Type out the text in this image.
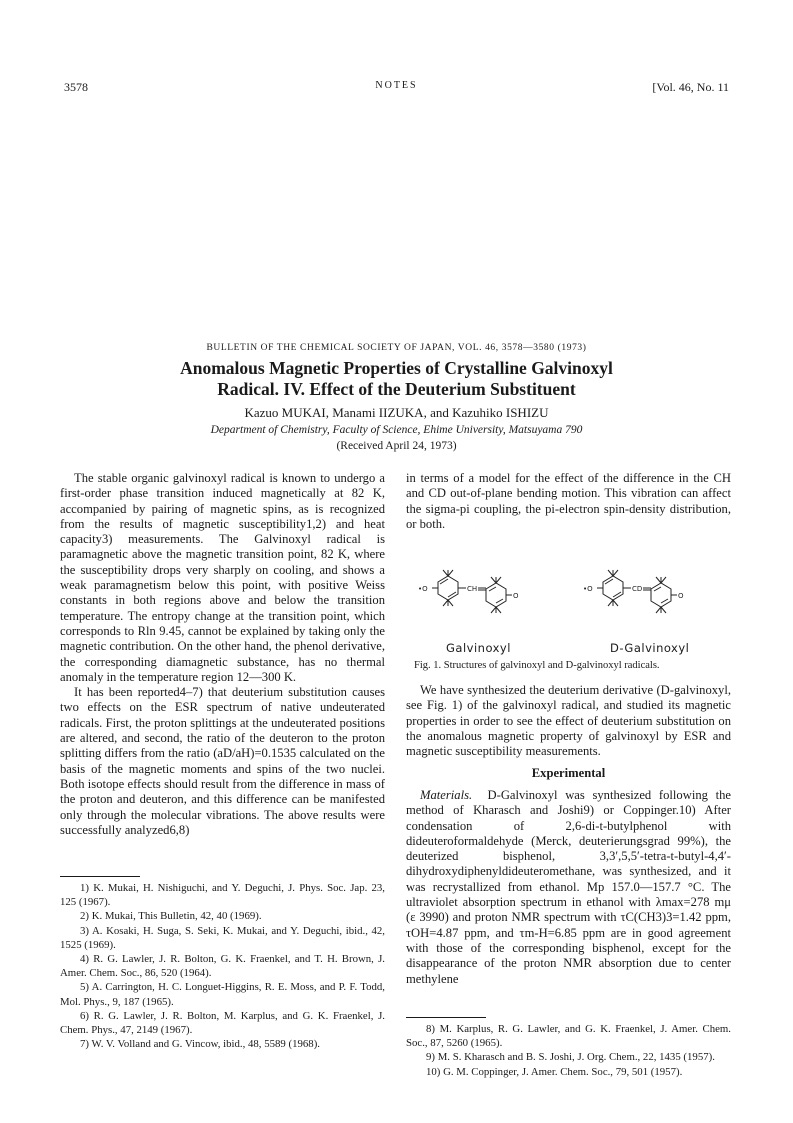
3578	NOTES	[Vol. 46, No. 11
BULLETIN OF THE CHEMICAL SOCIETY OF JAPAN, VOL. 46, 3578—3580 (1973)
Anomalous Magnetic Properties of Crystalline Galvinoxyl
Radical. IV. Effect of the Deuterium Substituent
Kazuo MUKAI, Manami IIZUKA, and Kazuhiko ISHIZU
Department of Chemistry, Faculty of Science, Ehime University, Matsuyama 790
(Received April 24, 1973)

The stable organic galvinoxyl radical is known to undergo a first-order phase transition induced magnetically at 82 K, accompanied by pairing of magnetic spins, as is recognized from the results of magnetic susceptibility1,2) and heat capacity3) measurements. The Galvinoxyl radical is paramagnetic above the magnetic transition point, 82 K, where the susceptibility drops very sharply on cooling, and shows a weak paramagnetism below this point, with positive Weiss constants in both regions above and below the transition temperature. The entropy change at the transition point, which corresponds to Rln 9.45, cannot be explained by taking only the magnetic contribution. On the other hand, the phenol derivative, the corresponding diamagnetic substance, has no thermal anomaly in the temperature region 12—300 K.

It has been reported4–7) that deuterium substitution causes two effects on the ESR spectrum of native undeuterated radicals. First, the proton splittings at the undeuterated positions are altered, and second, the ratio of the deuteron to the proton splitting differs from the ratio (aD/aH)=0.1535 calculated on the basis of the magnetic moments and spins of the two nuclei. Both isotope effects should result from the difference in mass of the proton and deuteron, and this difference can be manifested only through the molecular vibrations. The above results were successfully analyzed6,8)

1) K. Mukai, H. Nishiguchi, and Y. Deguchi, J. Phys. Soc. Jap. 23, 125 (1967).
2) K. Mukai, This Bulletin, 42, 40 (1969).
3) A. Kosaki, H. Suga, S. Seki, K. Mukai, and Y. Deguchi, ibid., 42, 1525 (1969).
4) R. G. Lawler, J. R. Bolton, G. K. Fraenkel, and T. H. Brown, J. Amer. Chem. Soc., 86, 520 (1964).
5) A. Carrington, H. C. Longuet-Higgins, R. E. Moss, and P. F. Todd, Mol. Phys., 9, 187 (1965).
6) R. G. Lawler, J. R. Bolton, M. Karplus, and G. K. Fraenkel, J. Chem. Phys., 47, 2149 (1967).
7) W. V. Volland and G. Vincow, ibid., 48, 5589 (1968).

in terms of a model for the effect of the difference in the CH and CD out-of-plane bending motion. This vibration can affect the sigma-pi coupling, the pi-electron spin-density distribution, or both.

•O	CH
O
•O	CD
O
Galvinoxyl	D-Galvinoxyl
Fig. 1. Structures of galvinoxyl and D-galvinoxyl radicals.

We have synthesized the deuterium derivative (D-galvinoxyl, see Fig. 1) of the galvinoxyl radical, and studied its magnetic properties in order to see the effect of deuterium substitution on the anomalous magnetic property of galvinoxyl by ESR and magnetic susceptibility measurements.

Experimental

Materials. D-Galvinoxyl was synthesized following the method of Kharasch and Joshi9) or Coppinger.10) After condensation of 2,6-di-t-butylphenol with dideuteroformaldehyde (Merck, deuterierungsgrad 99%), the deuterized bisphenol, 3,3′,5,5′-tetra-t-butyl-4,4′-dihydroxydiphenyldideuteromethane, was synthesized, and it was recrystallized from ethanol. Mp 157.0—157.7 °C. The ultraviolet absorption spectrum in ethanol with λmax=278 mμ (ε 3990) and proton NMR spectrum with τC(CH3)3=1.42 ppm, τOH=4.87 ppm, and τm-H=6.85 ppm are in good agreement with those of the corresponding bisphenol, except for the disappearance of the proton NMR absorption due to center methylene

8) M. Karplus, R. G. Lawler, and G. K. Fraenkel, J. Amer. Chem. Soc., 87, 5260 (1965).
9) M. S. Kharasch and B. S. Joshi, J. Org. Chem., 22, 1435 (1957).
10) G. M. Coppinger, J. Amer. Chem. Soc., 79, 501 (1957).
